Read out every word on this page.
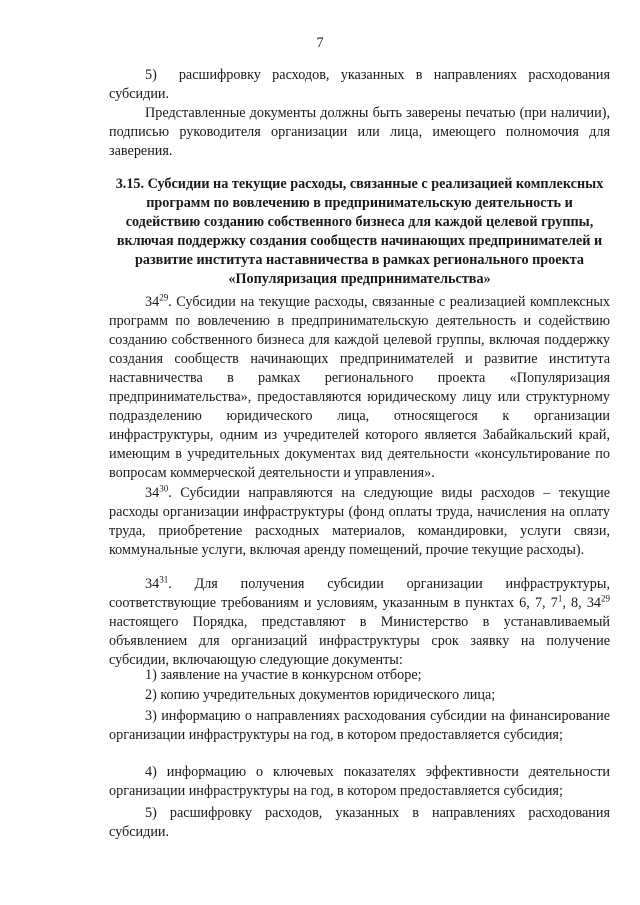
7

5) расшифровку расходов, указанных в направлениях расходования субсидии.

Представленные документы должны быть заверены печатью (при наличии), подписью руководителя организации или лица, имеющего полномочия для заверения.

3.15. Субсидии на текущие расходы, связанные с реализацией комплексных программ по вовлечению в предпринимательскую деятельность и содействию созданию собственного бизнеса для каждой целевой группы, включая поддержку создания сообществ начинающих предпринимателей и развитие института наставничества в рамках регионального проекта «Популяризация предпринимательства»

$34^{29}$. Субсидии на текущие расходы, связанные с реализацией комплексных программ по вовлечению в предпринимательскую деятельность и содействию созданию собственного бизнеса для каждой целевой группы, включая поддержку создания сообществ начинающих предпринимателей и развитие института наставничества в рамках регионального проекта «Популяризация предпринимательства», предоставляются юридическому лицу или структурному подразделению юридического лица, относящегося к организации инфраструктуры, одним из учредителей которого является Забайкальский край, имеющим в учредительных документах вид деятельности «консультирование по вопросам коммерческой деятельности и управления».

$34^{30}$. Субсидии направляются на следующие виды расходов – текущие расходы организации инфраструктуры (фонд оплаты труда, начисления на оплату труда, приобретение расходных материалов, командировки, услуги связи, коммунальные услуги, включая аренду помещений, прочие текущие расходы).

$34^{31}$. Для получения субсидии организации инфраструктуры, соответствующие требованиям и условиям, указанным в пунктах 6, 7, $7^1$, 8, $34^{29}$ настоящего Порядка, представляют в Министерство в устанавливаемый объявлением для организаций инфраструктуры срок заявку на получение субсидии, включающую следующие документы:

1) заявление на участие в конкурсном отборе;

2) копию учредительных документов юридического лица;

3) информацию о направлениях расходования субсидии на финансирование организации инфраструктуры на год, в котором предоставляется субсидия;

4) информацию о ключевых показателях эффективности деятельности организации инфраструктуры на год, в котором предоставляется субсидия;

5) расшифровку расходов, указанных в направлениях расходования субсидии.
